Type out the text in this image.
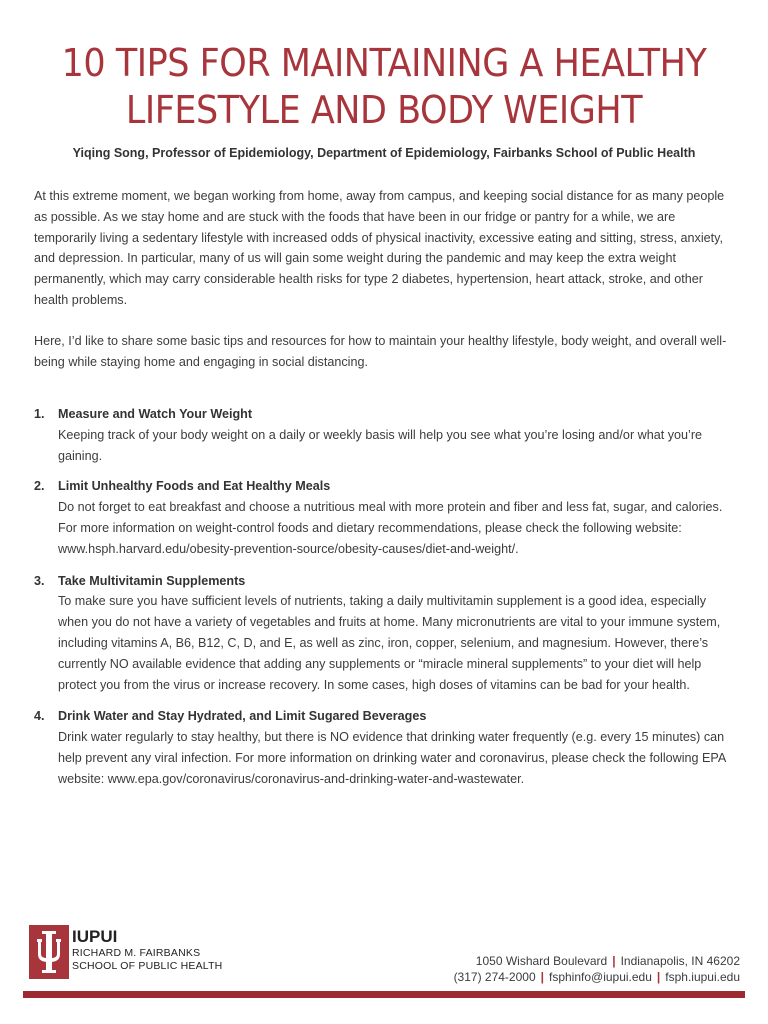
10 TIPS FOR MAINTAINING A HEALTHY
LIFESTYLE AND BODY WEIGHT

Yiqing Song, Professor of Epidemiology, Department of Epidemiology, Fairbanks School of Public Health

At this extreme moment, we began working from home, away from campus, and keeping social distance for as many people as possible. As we stay home and are stuck with the foods that have been in our fridge or pantry for a while, we are temporarily living a sedentary lifestyle with increased odds of physical inactivity, excessive eating and sitting, stress, anxiety, and depression. In particular, many of us will gain some weight during the pandemic and may keep the extra weight permanently, which may carry considerable health risks for type 2 diabetes, hypertension, heart attack, stroke, and other health problems.

Here, I’d like to share some basic tips and resources for how to maintain your healthy lifestyle, body weight, and overall well-being while staying home and engaging in social distancing.

1. Measure and Watch Your Weight

Keeping track of your body weight on a daily or weekly basis will help you see what you’re losing and/or what you’re gaining.

2. Limit Unhealthy Foods and Eat Healthy Meals

Do not forget to eat breakfast and choose a nutritious meal with more protein and fiber and less fat, sugar, and calories. For more information on weight-control foods and dietary recommendations, please check the following website: www.hsph.harvard.edu/obesity-prevention-source/obesity-causes/diet-and-weight/.

3. Take Multivitamin Supplements

To make sure you have sufficient levels of nutrients, taking a daily multivitamin supplement is a good idea, especially when you do not have a variety of vegetables and fruits at home. Many micronutrients are vital to your immune system, including vitamins A, B6, B12, C, D, and E, as well as zinc, iron, copper, selenium, and magnesium. However, there’s currently NO available evidence that adding any supplements or “miracle mineral supplements” to your diet will help protect you from the virus or increase recovery. In some cases, high doses of vitamins can be bad for your health.

4. Drink Water and Stay Hydrated, and Limit Sugared Beverages

Drink water regularly to stay healthy, but there is NO evidence that drinking water frequently (e.g. every 15 minutes) can help prevent any viral infection. For more information on drinking water and coronavirus, please check the following EPA website: www.epa.gov/coronavirus/coronavirus-and-drinking-water-and-wastewater.

IUPUI

RICHARD M. FAIRBANKS

SCHOOL OF PUBLIC HEALTH	1050 Wishard Boulevard | Indianapolis, IN 46202
(317) 274-2000 | fsphinfo@iupui.edu | fsph.iupui.edu
